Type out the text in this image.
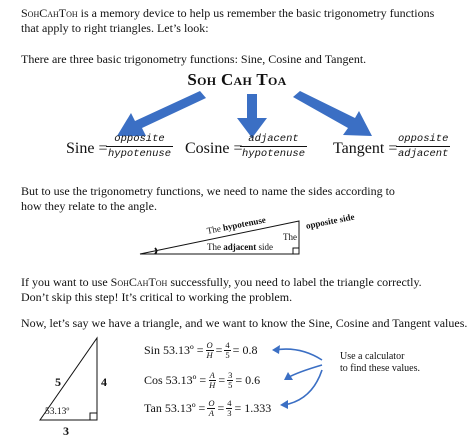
SohCahToh is a memory device to help us remember the basic trigonometry functions
that apply to right triangles. Let’s look:
There are three basic trigonometry functions: Sine, Cosine and Tangent.
Soh Cah Toa
Sine =
opposite
hypotenuse Cosine =
adjacent
hypotenuse Tangent =
opposite
adjacent
But to use the trigonometry functions, we need to name the sides according to
how they relate to the angle.
The hypotenuse
The adjacent side
The
opposite side
If you want to use SohCahToh successfully, you need to label the triangle correctly.
Don’t skip this step! It’s critical to working the problem.
Now, let’s say we have a triangle, and we want to know the Sine, Cosine and Tangent values.
5	4
3
53.13º
Sin 53.13º = $\frac{O}{H} = \frac{4}{5} = 0.8$
Cos 53.13º = $\frac{A}{H} = \frac{3}{5} = 0.6$
Tan 53.13º = $\frac{O}{A} = \frac{4}{3} = 1.333$
Use a calculator
to find these values.
